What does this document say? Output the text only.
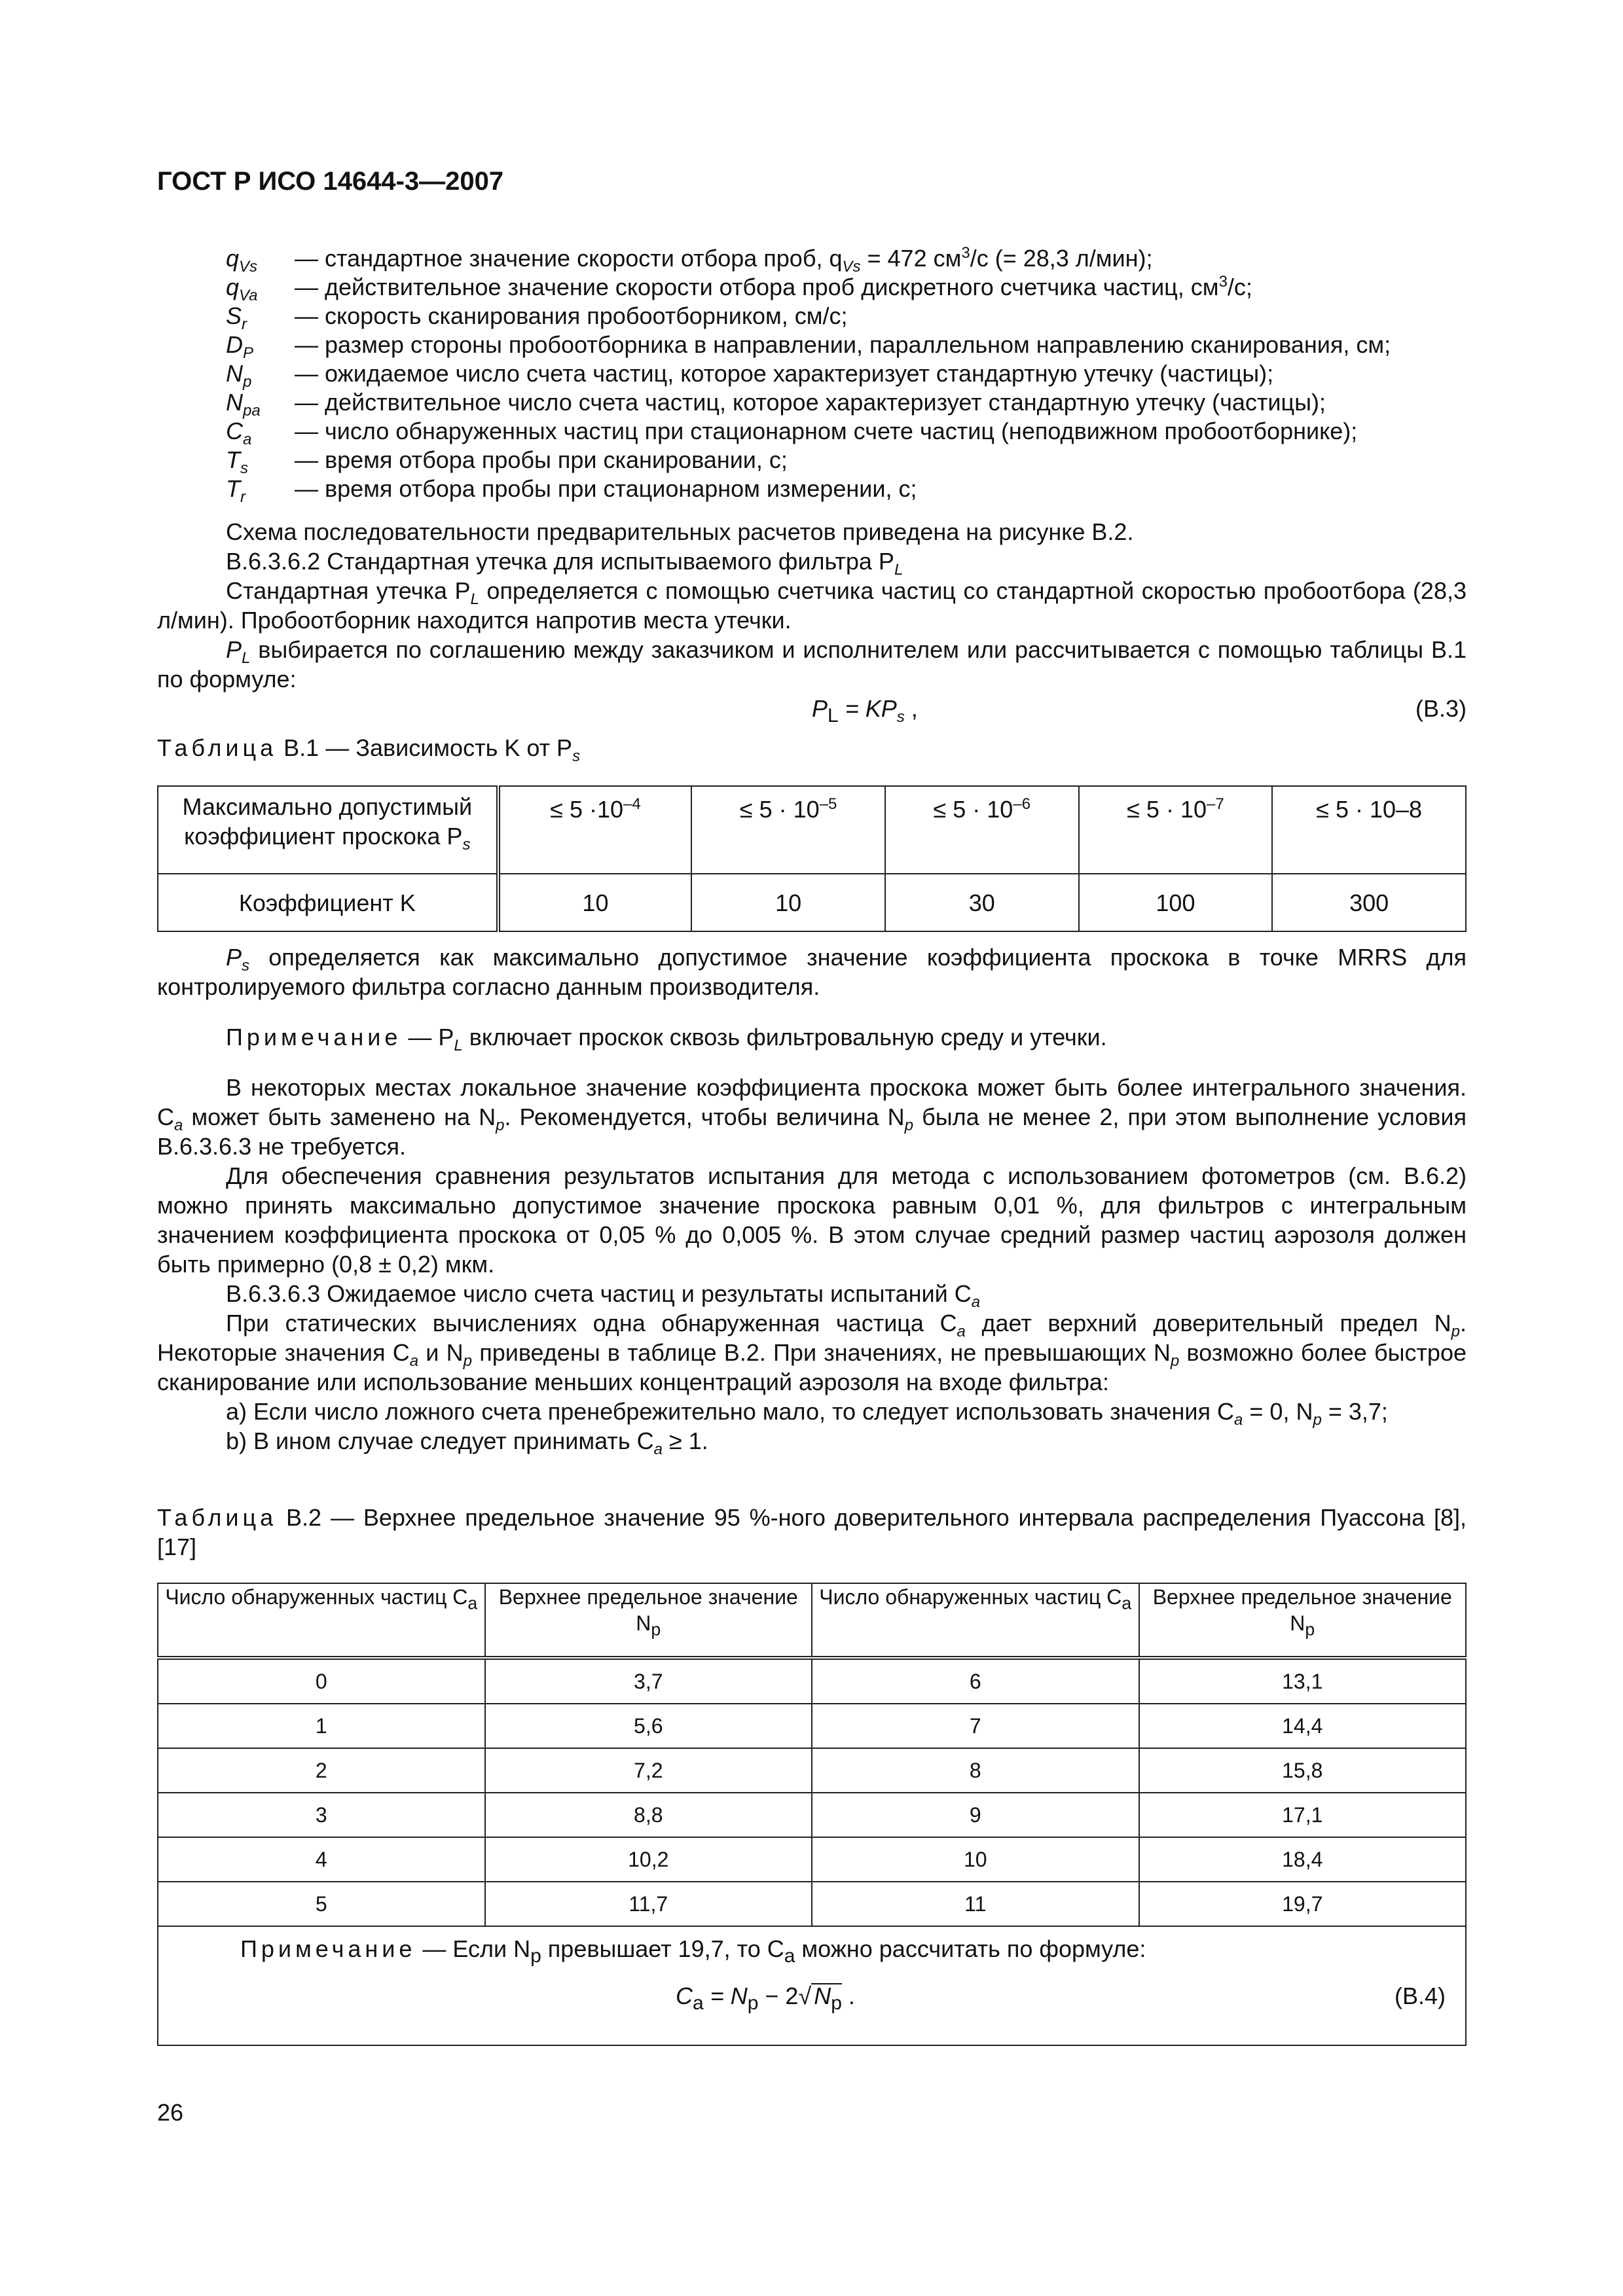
ГОСТ Р ИСО 14644-3—2007
$q_{Vs}$ — стандартное значение скорости отбора проб, $q_{Vs} = 472$ $см^3/с$ (= 28,3 л/мин);
$q_{Va}$ — действительное значение скорости отбора проб дискретного счетчика частиц, $см^3/с$;
$S_r$ — скорость сканирования пробоотборником, см/с;
$D_P$ — размер стороны пробоотборника в направлении, параллельном направлению сканирования, см;
$N_p$ — ожидаемое число счета частиц, которое характеризует стандартную утечку (частицы);
$N_{pa}$ — действительное число счета частиц, которое характеризует стандартную утечку (частицы);
$C_a$ — число обнаруженных частиц при стационарном счете частиц (неподвижном пробоотборнике);
$T_s$ — время отбора пробы при сканировании, с;
$T_r$ — время отбора пробы при стационарном измерении, с;

Схема последовательности предварительных расчетов приведена на рисунке В.2.

В.6.3.6.2 Стандартная утечка для испытываемого фильтра $P_L$

Стандартная утечка $P_L$ определяется с помощью счетчика частиц со стандартной скоростью пробоотбора (28,3 л/мин). Пробоотборник находится напротив места утечки.

$P_L$ выбирается по соглашению между заказчиком и исполнителем или рассчитывается с помощью таблицы В.1 по формуле:

$P_L = KP_s$ ,	(В.3)

Таблица В.1 — Зависимость K от $P_s$

Максимально допустимый коэффициент проскока $P_s$	≤ $5 \cdot 10^{-4}$	≤ $5 \cdot 10^{-5}$	≤ $5 \cdot 10^{-6}$	≤ $5 \cdot 10^{-7}$	≤ 5 · 10–8
Коэффициент K	10	10	30	100	300

$P_s$ определяется как максимально допустимое значение коэффициента проскока в точке MRRS для контролируемого фильтра согласно данным производителя.

Примечание — $P_L$ включает проскок сквозь фильтровальную среду и утечки.

В некоторых местах локальное значение коэффициента проскока может быть более интегрального значения. $C_a$ может быть заменено на $N_p$. Рекомендуется, чтобы величина $N_p$ была не менее 2, при этом выполнение условия В.6.3.6.3 не требуется.

Для обеспечения сравнения результатов испытания для метода с использованием фотометров (см. В.6.2) можно принять максимально допустимое значение проскока равным 0,01 %, для фильтров с интегральным значением коэффициента проскока от 0,05 % до 0,005 %. В этом случае средний размер частиц аэрозоля должен быть примерно (0,8 ± 0,2) мкм.

В.6.3.6.3 Ожидаемое число счета частиц и результаты испытаний $C_a$

При статических вычислениях одна обнаруженная частица $C_a$ дает верхний доверительный предел $N_p$. Некоторые значения $C_a$ и $N_p$ приведены в таблице В.2. При значениях, не превышающих $N_p$ возможно более быстрое сканирование или использование меньших концентраций аэрозоля на входе фильтра:

a) Если число ложного счета пренебрежительно мало, то следует использовать значения $C_a = 0$, $N_p = 3,7$;

b) В ином случае следует принимать $C_a \ge 1$.

Таблица В.2 — Верхнее предельное значение 95 %-ного доверительного интервала распределения Пуассона [8], [17]

Число обнаруженных частиц $C_a$	Верхнее предельное значение $N_p$	Число обнаруженных частиц $C_a$	Верхнее предельное значение $N_p$
0	3,7	6	13,1
1	5,6	7	14,4
2	7,2	8	15,8
3	8,8	9	17,1
4	10,2	10	18,4
5	11,7	11	19,7

Примечание — Если $N_p$ превышает 19,7, то $C_a$ можно рассчитать по формуле:
$C_a = N_p - 2√$ $N_p$ . (В.4)			
26
